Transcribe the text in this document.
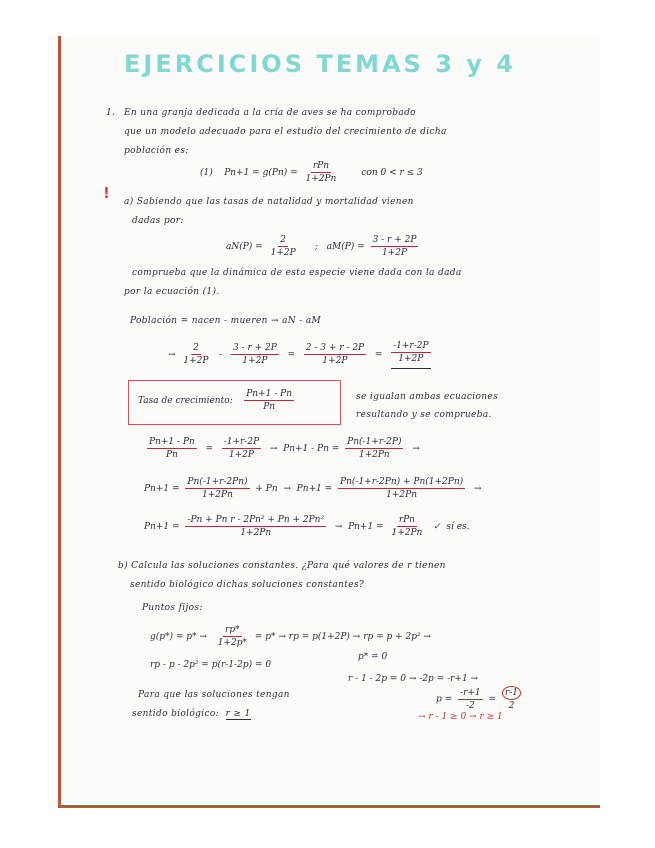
EJERCICIOS TEMAS 3 y 4
1. En una granja dedicada a la cría de aves se ha comprobado
que un modelo adecuado para el estudio del crecimiento de dicha
población es:
(1) $Pn+1 = g(Pn) = \frac{\text{rPn}}{1+2Pn}$	con 0 < r ≤ 3
! a) Sabiendo que las tasas de natalidad y mortalidad vienen
dadas por:
$aN(P) = \frac{2}{1+2P}$ ; $aM(P) = \frac{3 - r + 2P}{1+2P}$
comprueba que la dinámica de esta especie viene dada con la dada
por la ecuación (1).
Población = nacen - mueren → aN - aM
→ $\frac{2}{1+2P} - \frac{3 - r + 2P}{1+2P} = \frac{2 - 3 + r - 2P}{1+2P} = \frac{-1+r-2P}{1+2P}$
Tasa de crecimiento: $\frac{Pn+1 - Pn}{Pn}$	se igualan ambas ecuaciones
resultando y se comprueba.
$\frac{Pn+1 - Pn}{Pn} = \frac{-1+r-2P}{1+2P} \to Pn+1 - Pn = \frac{Pn(-1+r-2P)}{1+2Pn}$ →
$Pn+1 = \frac{Pn(-1+r-2Pn)}{1+2Pn} + Pn \to Pn+1 = \frac{Pn(-1+r-2Pn) + Pn(1+2Pn)}{1+2Pn}$ →
$Pn+1 = \frac{\text{-Pn + Pn r - 2Pn² + Pn + 2Pn²}}{1+2Pn} \to Pn+1 = \frac{\text{rPn}}{1+2Pn}$ ✓ sí es.
b) Calcula las soluciones constantes. ¿Para qué valores de r tienen
sentido biológico dichas soluciones constantes?
Puntos fijos:
$g(p*) = p* \to \frac{rp*}{1+2p*} = p*$ → rp = p(1+2P) → rp = p + 2p² →
rp - p - 2p² = p(r-1-2p) = 0
p* = 0
r - 1 - 2p = 0 → -2p = -r+1 →
Para que las soluciones tengan
sentido biológico: r ≥ 1
$p = \frac{-r+1}{-2} = \frac{r-1}{2}$
→ r - 1 ≥ 0 → r ≥ 1
